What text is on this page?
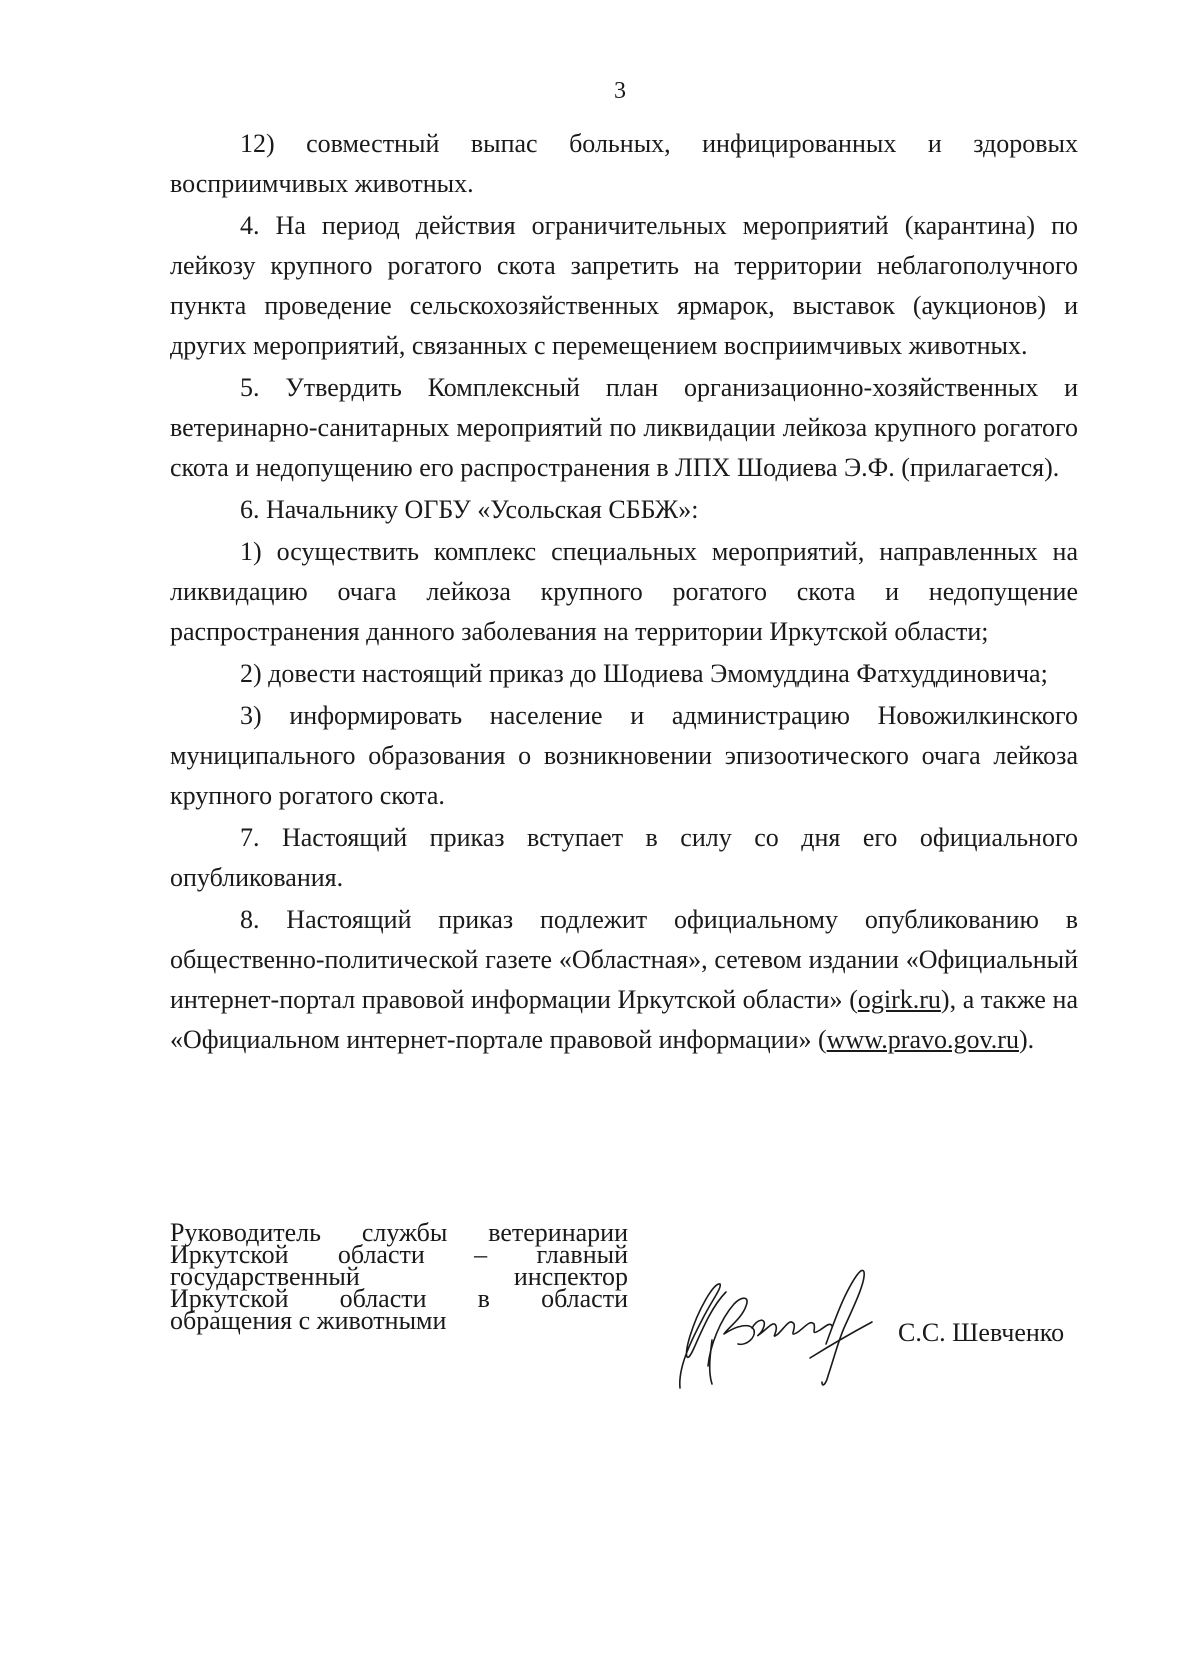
3

12) совместный выпас больных, инфицированных и здоровых восприимчивых животных.

4. На период действия ограничительных мероприятий (карантина) по лейкозу крупного рогатого скота запретить на территории неблагополучного пункта проведение сельскохозяйственных ярмарок, выставок (аукционов) и других мероприятий, связанных с перемещением восприимчивых животных.

5. Утвердить Комплексный план организационно-хозяйственных и ветеринарно-санитарных мероприятий по ликвидации лейкоза крупного рогатого скота и недопущению его распространения в ЛПХ Шодиева Э.Ф. (прилагается).

6. Начальнику ОГБУ «Усольская СББЖ»:

1) осуществить комплекс специальных мероприятий, направленных на ликвидацию очага лейкоза крупного рогатого скота и недопущение распространения данного заболевания на территории Иркутской области;

2) довести настоящий приказ до Шодиева Эмомуддина Фатхуддиновича;

3) информировать население и администрацию Новожилкинского муниципального образования о возникновении эпизоотического очага лейкоза крупного рогатого скота.

7. Настоящий приказ вступает в силу со дня его официального опубликования.

8. Настоящий приказ подлежит официальному опубликованию в общественно-политической газете «Областная», сетевом издании «Официальный интернет-портал правовой информации Иркутской области» (ogirk.ru), а также на «Официальном интернет-портале правовой информации» (www.pravo.gov.ru).

Руководитель службы ветеринарии
Иркутской области – главный
государственный инспектор
Иркутской области в области
обращения с животными	С.С. Шевченко
